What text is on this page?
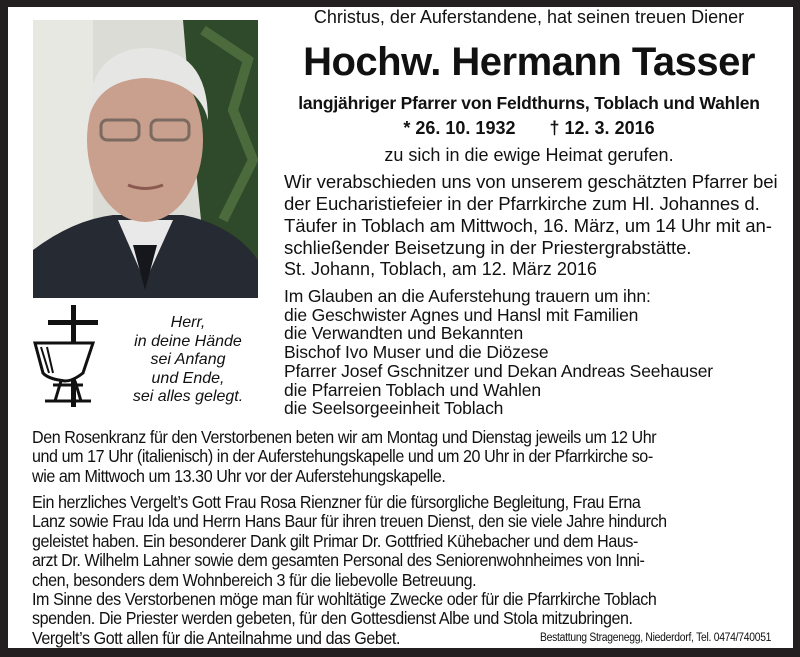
Herr,
in deine Hände
sei Anfang
und Ende,
sei alles gelegt.
Christus, der Auferstandene, hat seinen treuen Diener
Hochw. Hermann Tasser
langjähriger Pfarrer von Feldthurns, Toblach und Wahlen
* 26. 10. 1932 † 12. 3. 2016
zu sich in die ewige Heimat gerufen.
Wir verabschieden uns von unserem geschätzten Pfarrer bei
der Eucharistiefeier in der Pfarrkirche zum Hl. Johannes d.
Täufer in Toblach am Mittwoch, 16. März, um 14 Uhr mit an-
schließender Beisetzung in der Priestergrabstätte.
St. Johann, Toblach, am 12. März 2016
Im Glauben an die Auferstehung trauern um ihn:
die Geschwister Agnes und Hansl mit Familien
die Verwandten und Bekannten
Bischof Ivo Muser und die Diözese
Pfarrer Josef Gschnitzer und Dekan Andreas Seehauser
die Pfarreien Toblach und Wahlen
die Seelsorgeeinheit Toblach
Den Rosenkranz für den Verstorbenen beten wir am Montag und Dienstag jeweils um 12 Uhr
und um 17 Uhr (italienisch) in der Auferstehungskapelle und um 20 Uhr in der Pfarrkirche so-
wie am Mittwoch um 13.30 Uhr vor der Auferstehungskapelle.
Ein herzliches Vergelt’s Gott Frau Rosa Rienzner für die fürsorgliche Begleitung, Frau Erna
Lanz sowie Frau Ida und Herrn Hans Baur für ihren treuen Dienst, den sie viele Jahre hindurch
geleistet haben. Ein besonderer Dank gilt Primar Dr. Gottfried Kühebacher und dem Haus-
arzt Dr. Wilhelm Lahner sowie dem gesamten Personal des Seniorenwohnheimes von Inni-
chen, besonders dem Wohnbereich 3 für die liebevolle Betreuung.
Im Sinne des Verstorbenen möge man für wohltätige Zwecke oder für die Pfarrkirche Toblach
spenden. Die Priester werden gebeten, für den Gottesdienst Albe und Stola mitzubringen.
Vergelt’s Gott allen für die Anteilnahme und das Gebet.	Bestattung Stragenegg, Niederdorf, Tel. 0474/740051
